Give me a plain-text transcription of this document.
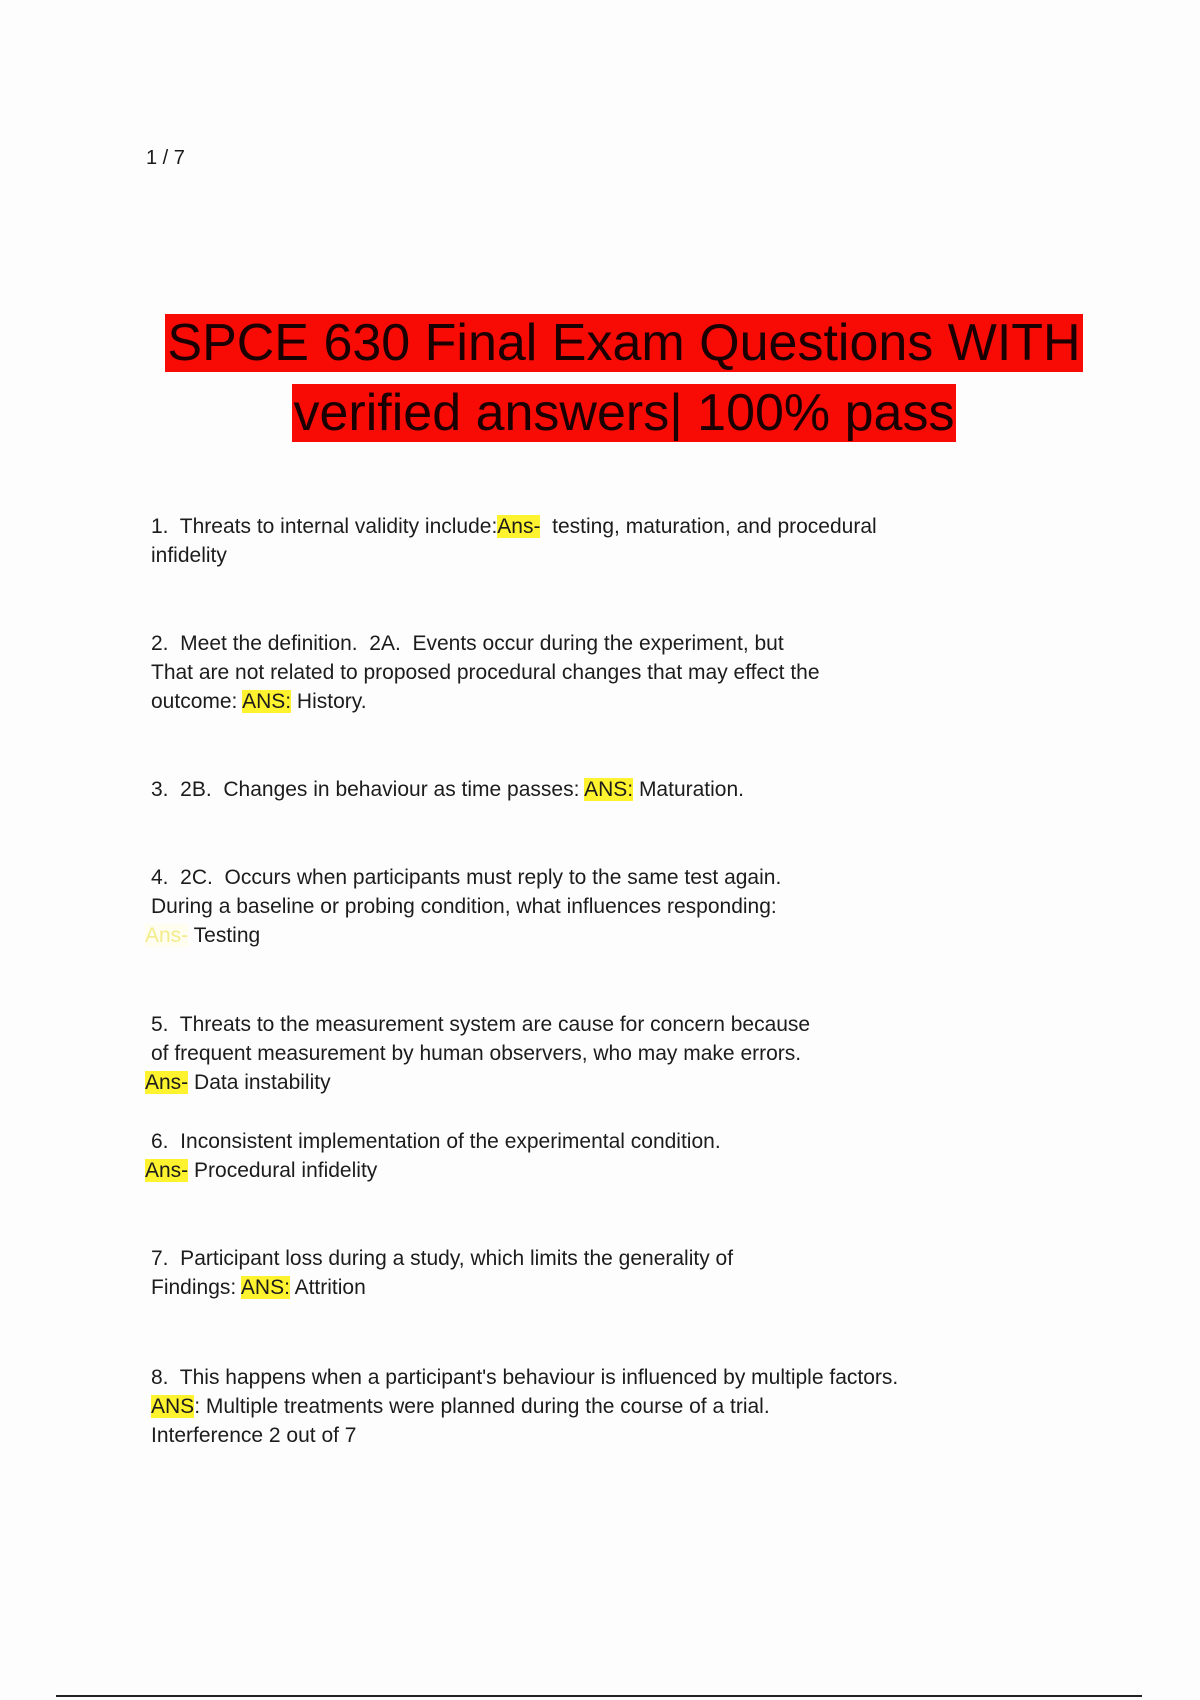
1 / 7
SPCE 630 Final Exam Questions WITH
verified answers| 100% pass
1.  Threats to internal validity include:Ans-  testing, maturation, and procedural
infidelity
2.  Meet the definition.  2A.  Events occur during the experiment, but
That are not related to proposed procedural changes that may effect the
outcome: ANS: History.
3.  2B.  Changes in behaviour as time passes: ANS: Maturation.
4.  2C.  Occurs when participants must reply to the same test again.
During a baseline or probing condition, what influences responding:
Ans- Testing
5.  Threats to the measurement system are cause for concern because
of frequent measurement by human observers, who may make errors.
Ans- Data instability
6.  Inconsistent implementation of the experimental condition.
Ans- Procedural infidelity
7.  Participant loss during a study, which limits the generality of
Findings: ANS: Attrition
8.  This happens when a participant's behaviour is influenced by multiple factors.
ANS: Multiple treatments were planned during the course of a trial.
Interference 2 out of 7
